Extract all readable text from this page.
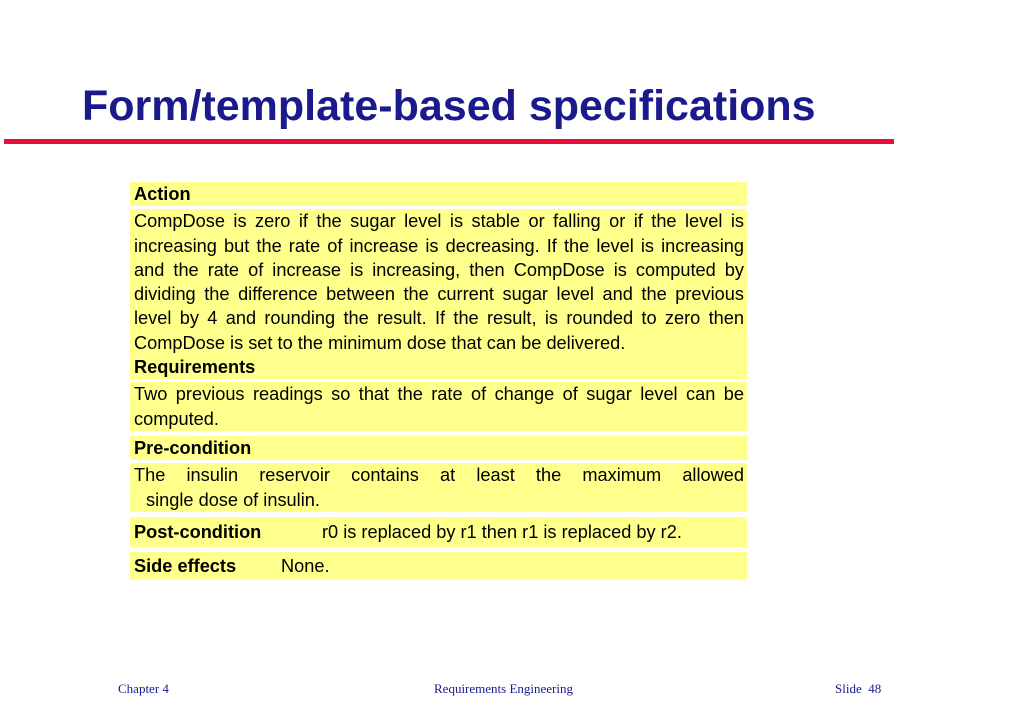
Form/template-based specifications
Action
CompDose is zero if the sugar level is stable or falling or if the level is increasing but the rate of increase is decreasing. If the level is increasing and the rate of increase is increasing, then CompDose is computed by dividing the difference between the current sugar level and the previous level by 4 and rounding the result. If the result, is rounded to zero then CompDose is set to the minimum dose that can be delivered.
Requirements
Two previous readings so that the rate of change of sugar level can be computed.
Pre-condition
The insulin reservoir contains at least the maximum allowed
single dose of insulin.
Post-condition	r0 is replaced by r1 then r1 is replaced by r2.
Side effects None.
Chapter 4	Requirements Engineering	Slide 48
